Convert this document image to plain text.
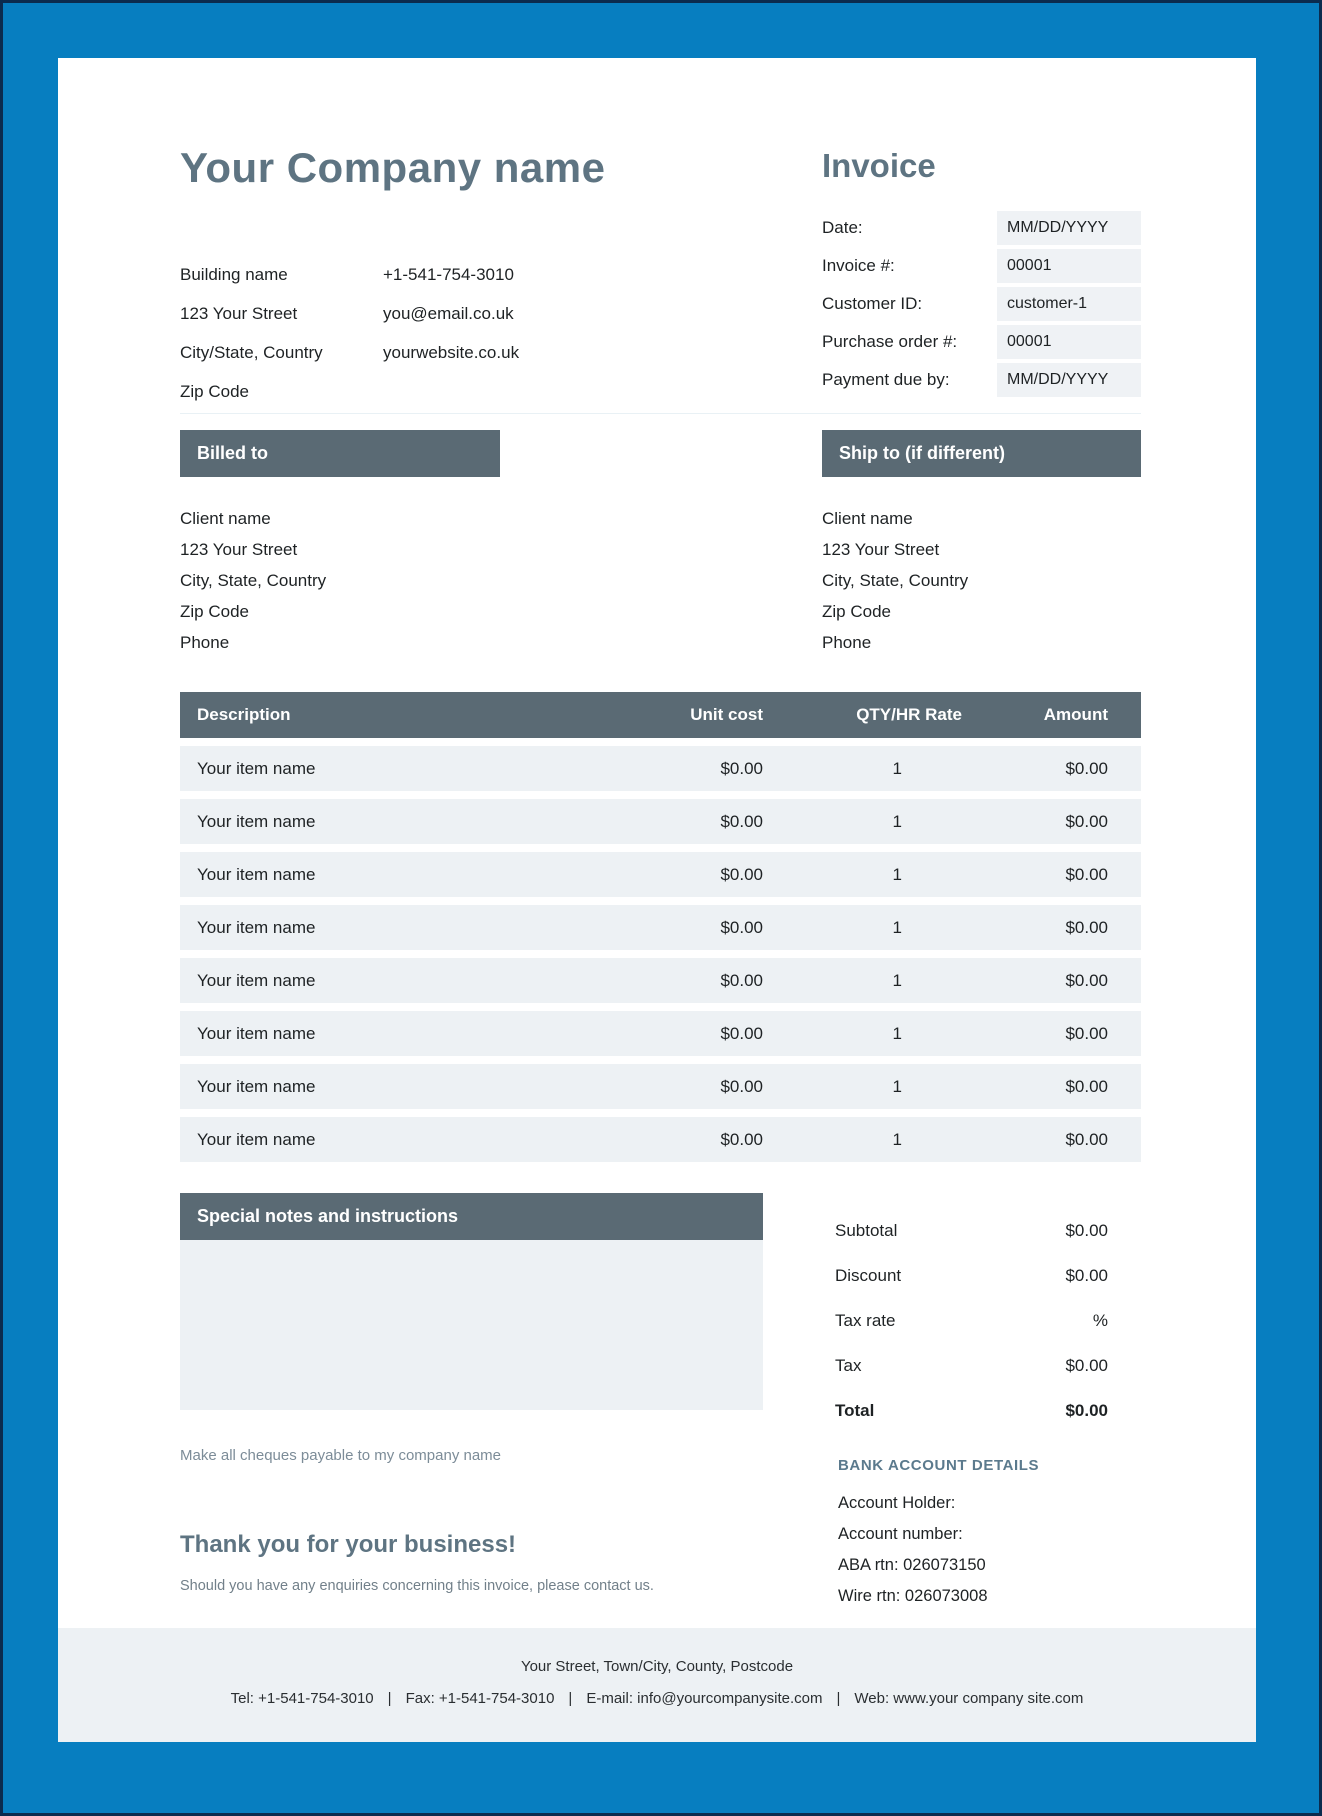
Your Company name
Building name
123 Your Street
City/State, Country
Zip Code
+1-541-754-3010
you@email.co.uk
yourwebsite.co.uk
Invoice
Date:	MM/DD/YYYY
Invoice #:	00001
Customer ID:	customer-1
Purchase order #:	00001
Payment due by:	MM/DD/YYYY
Billed to
Client name
123 Your Street
City, State, Country
Zip Code
Phone
Ship to (if different)
Client name
123 Your Street
City, State, Country
Zip Code
Phone
Description	Unit cost	QTY/HR Rate	Amount
Your item name	$0.00	1	$0.00
Your item name	$0.00	1	$0.00
Your item name	$0.00	1	$0.00
Your item name	$0.00	1	$0.00
Your item name	$0.00	1	$0.00
Your item name	$0.00	1	$0.00
Your item name	$0.00	1	$0.00
Your item name	$0.00	1	$0.00
Special notes and instructions
Make all cheques payable to my company name
Subtotal	$0.00
Discount	$0.00
Tax rate	%
Tax	$0.00
Total	$0.00
BANK ACCOUNT DETAILS
Account Holder:
Account number:
ABA rtn: 026073150
Wire rtn: 026073008
Thank you for your business!
Should you have any enquiries concerning this invoice, please contact us.
Your Street, Town/City, County, Postcode
Tel: +1-541-754-3010 | Fax: +1-541-754-3010 | E-mail: info@yourcompanysite.com | Web: www.your company site.com
